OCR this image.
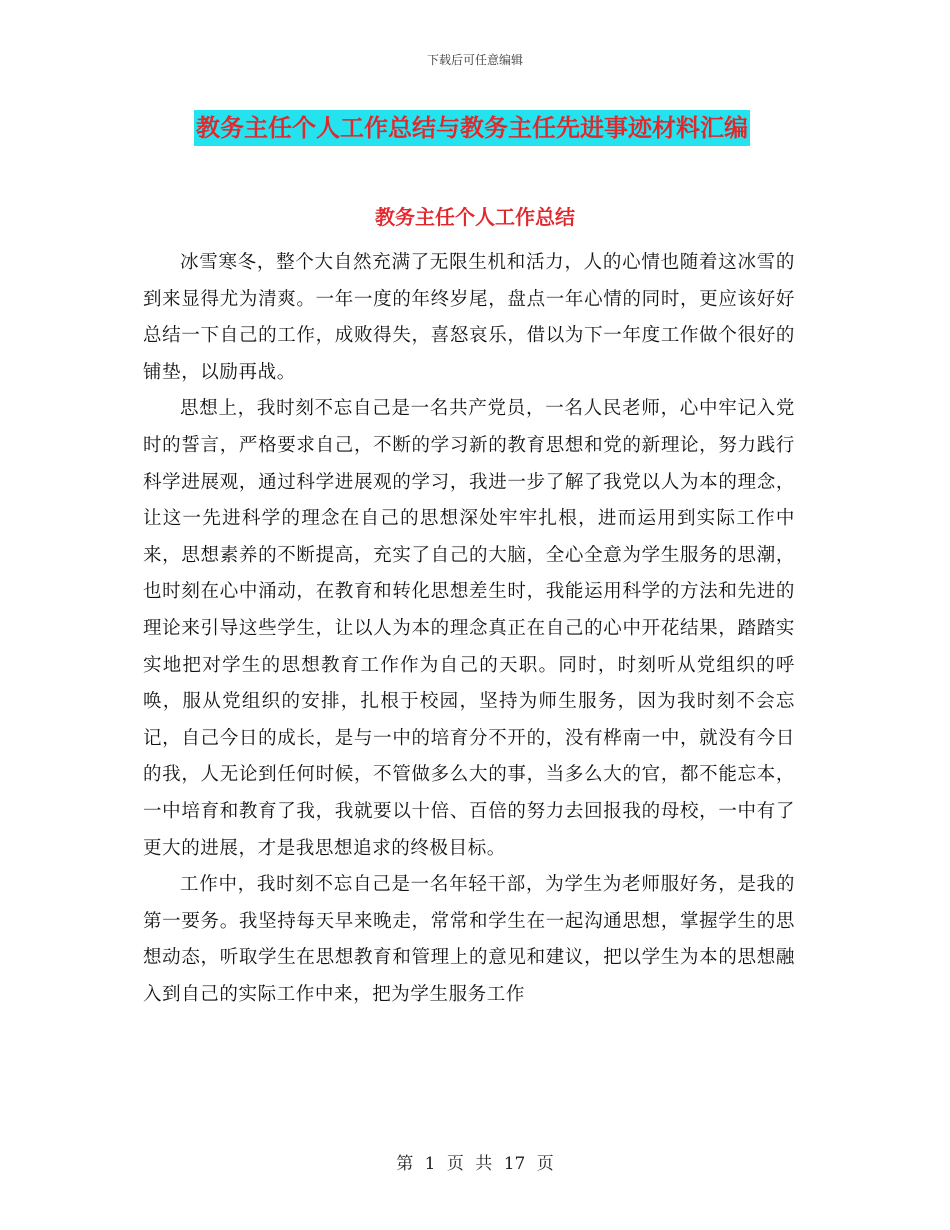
下载后可任意编辑
教务主任个人工作总结与教务主任先进事迹材料汇编
教务主任个人工作总结

冰雪寒冬，整个大自然充满了无限生机和活力，人的心情也随着这冰雪的到来显得尤为清爽。一年一度的年终岁尾，盘点一年心情的同时，更应该好好总结一下自己的工作，成败得失，喜怒哀乐，借以为下一年度工作做个很好的铺垫，以励再战。

思想上，我时刻不忘自己是一名共产党员，一名人民老师，心中牢记入党时的誓言，严格要求自己，不断的学习新的教育思想和党的新理论，努力践行科学进展观，通过科学进展观的学习，我进一步了解了我党以人为本的理念，让这一先进科学的理念在自己的思想深处牢牢扎根，进而运用到实际工作中来，思想素养的不断提高，充实了自己的大脑，全心全意为学生服务的思潮，也时刻在心中涌动，在教育和转化思想差生时，我能运用科学的方法和先进的理论来引导这些学生，让以人为本的理念真正在自己的心中开花结果，踏踏实实地把对学生的思想教育工作作为自己的天职。同时，时刻听从党组织的呼唤，服从党组织的安排，扎根于校园，坚持为师生服务，因为我时刻不会忘记，自己今日的成长，是与一中的培育分不开的，没有桦南一中，就没有今日的我，人无论到任何时候，不管做多么大的事，当多么大的官，都不能忘本，一中培育和教育了我，我就要以十倍、百倍的努力去回报我的母校，一中有了更大的进展，才是我思想追求的终极目标。

工作中，我时刻不忘自己是一名年轻干部，为学生为老师服好务，是我的第一要务。我坚持每天早来晚走，常常和学生在一起沟通思想，掌握学生的思想动态，听取学生在思想教育和管理上的意见和建议，把以学生为本的思想融入到自己的实际工作中来，把为学生服务工作

第 1 页 共 17 页
